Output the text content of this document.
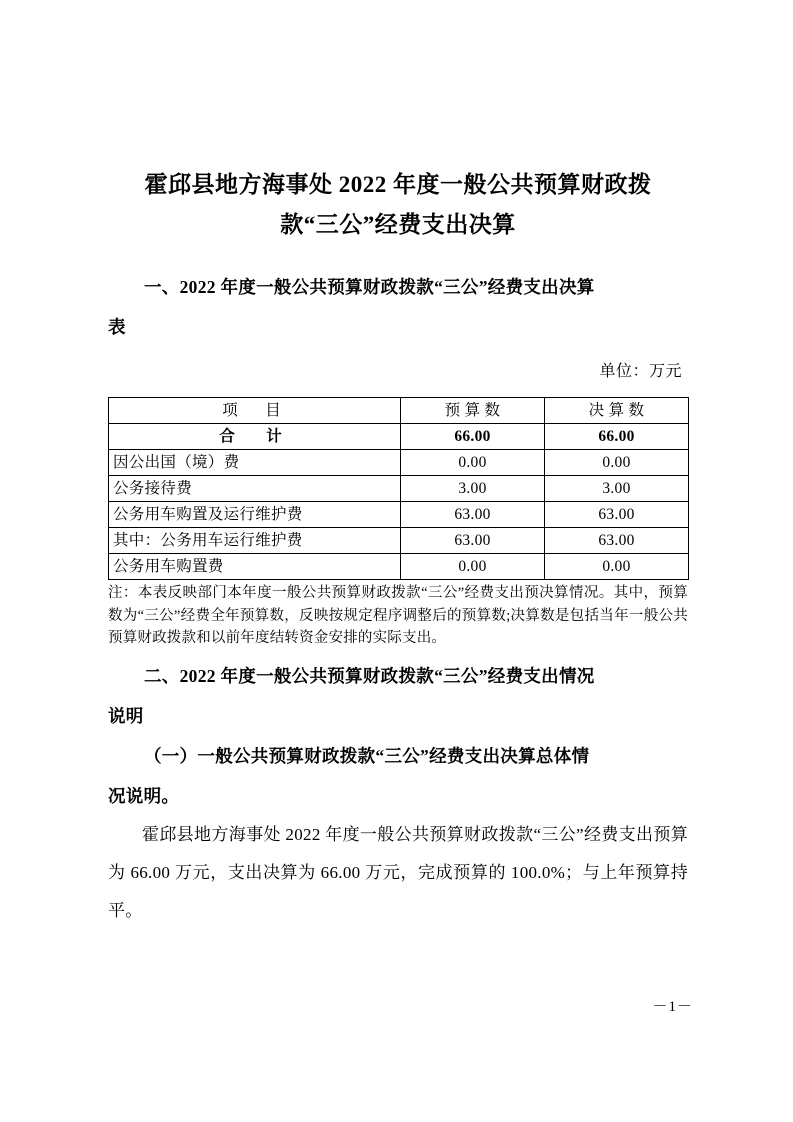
霍邱县地方海事处 2022 年度一般公共预算财政拨款“三公”经费支出决算
一、2022 年度一般公共预算财政拨款“三公”经费支出决算
表
单位：万元
项　目	预 算 数	决 算 数
合　计	66.00	66.00
因公出国（境）费	0.00	0.00
公务接待费	3.00	3.00
公务用车购置及运行维护费	63.00	63.00
其中：公务用车运行维护费	63.00	63.00
公务用车购置费	0.00	0.00
注：本表反映部门本年度一般公共预算财政拨款“三公”经费支出预决算情况。其中，预算数为“三公”经费全年预算数，反映按规定程序调整后的预算数;决算数是包括当年一般公共预算财政拨款和以前年度结转资金安排的实际支出。
二、2022 年度一般公共预算财政拨款“三公”经费支出情况
说明
（一）一般公共预算财政拨款“三公”经费支出决算总体情
况说明。
霍邱县地方海事处 2022 年度一般公共预算财政拨款“三公”经费支出预算为 66.00 万元，支出决算为 66.00 万元，完成预算的 100.0%；与上年预算持平。
－1－
